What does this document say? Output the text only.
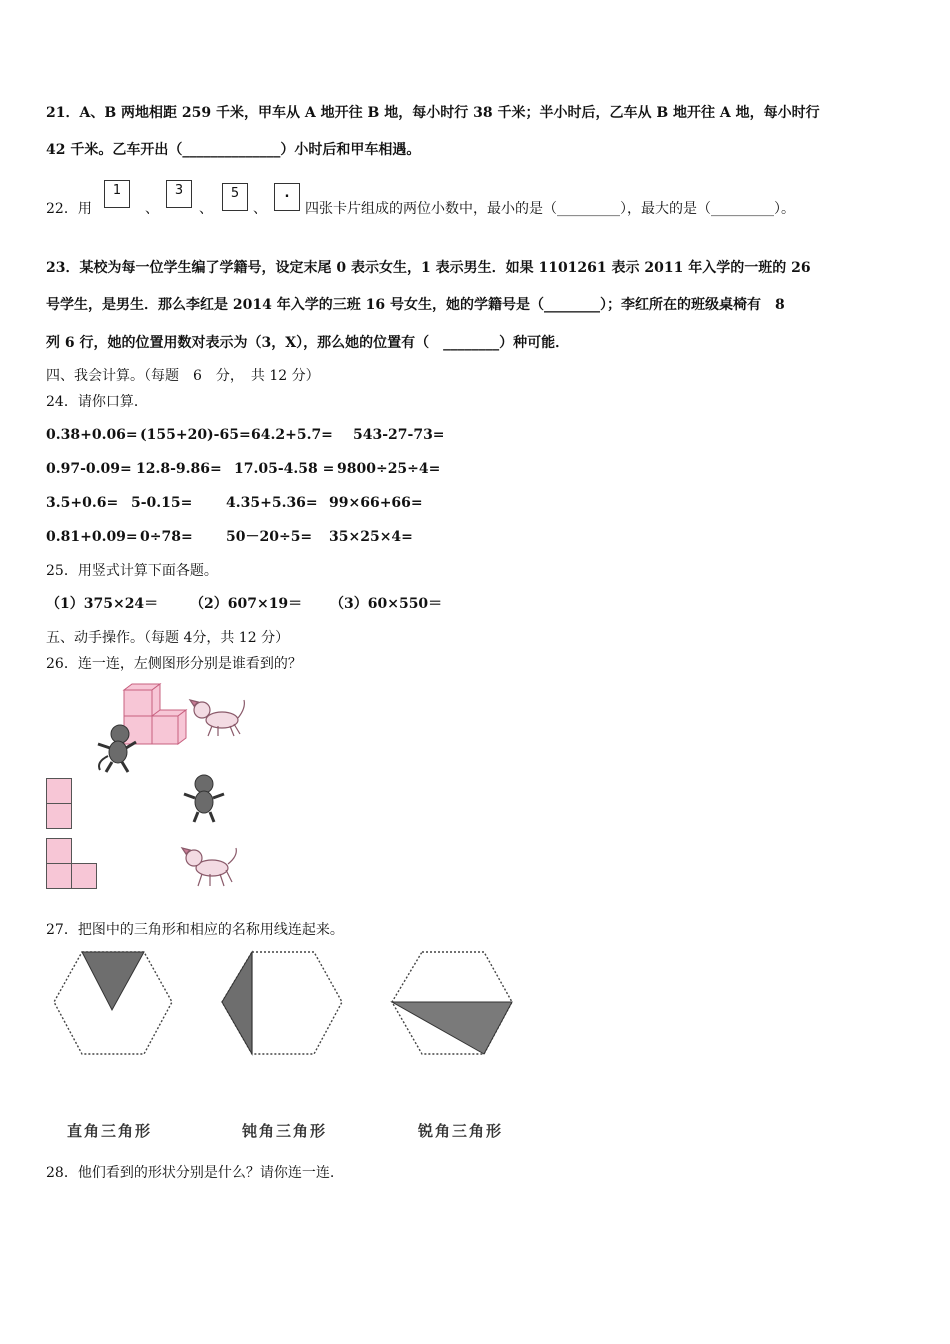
21．A、B 两地相距 259 千米，甲车从 A 地开往 B 地，每小时行 38 千米；半小时后，乙车从 B 地开往 A 地，每小时行
42 千米。乙车开出（______________）小时后和甲车相遇。
22．用
1
、
3
、
5
、
.
四张卡片组成的两位小数中，最小的是（_________），最大的是（_________）。
23．某校为每一位学生编了学籍号，设定末尾 0 表示女生，1 表示男生．如果 1101261 表示 2011 年入学的一班的 26
号学生，是男生．那么李红是 2014 年入学的三班 16 号女生，她的学籍号是（________）；李红所在的班级桌椅有　8
列 6 行，她的位置用数对表示为（3，X），那么她的位置有（　________）种可能．
四、我会计算。（每题　6　分，　共 12 分）
24．请你口算．
0.38+0.06= (155+20)-65= 64.2+5.7= 543-27-73=
0.97-0.09= 12.8-9.86= 17.05-4.58 = 9800÷25÷4=
3.5+0.6= 5-0.15= 4.35+5.36= 99×66+66=
0.81+0.09= 0÷78= 50－20÷5= 35×25×4=
25．用竖式计算下面各题。
（1）375×24＝ （2）607×19＝ （3）60×550＝
五、动手操作。（每题 4分，共 12 分）
26．连一连，左侧图形分别是谁看到的？
27．把图中的三角形和相应的名称用线连起来。
直角三角形	钝角三角形	锐角三角形
28．他们看到的形状分别是什么？请你连一连.
